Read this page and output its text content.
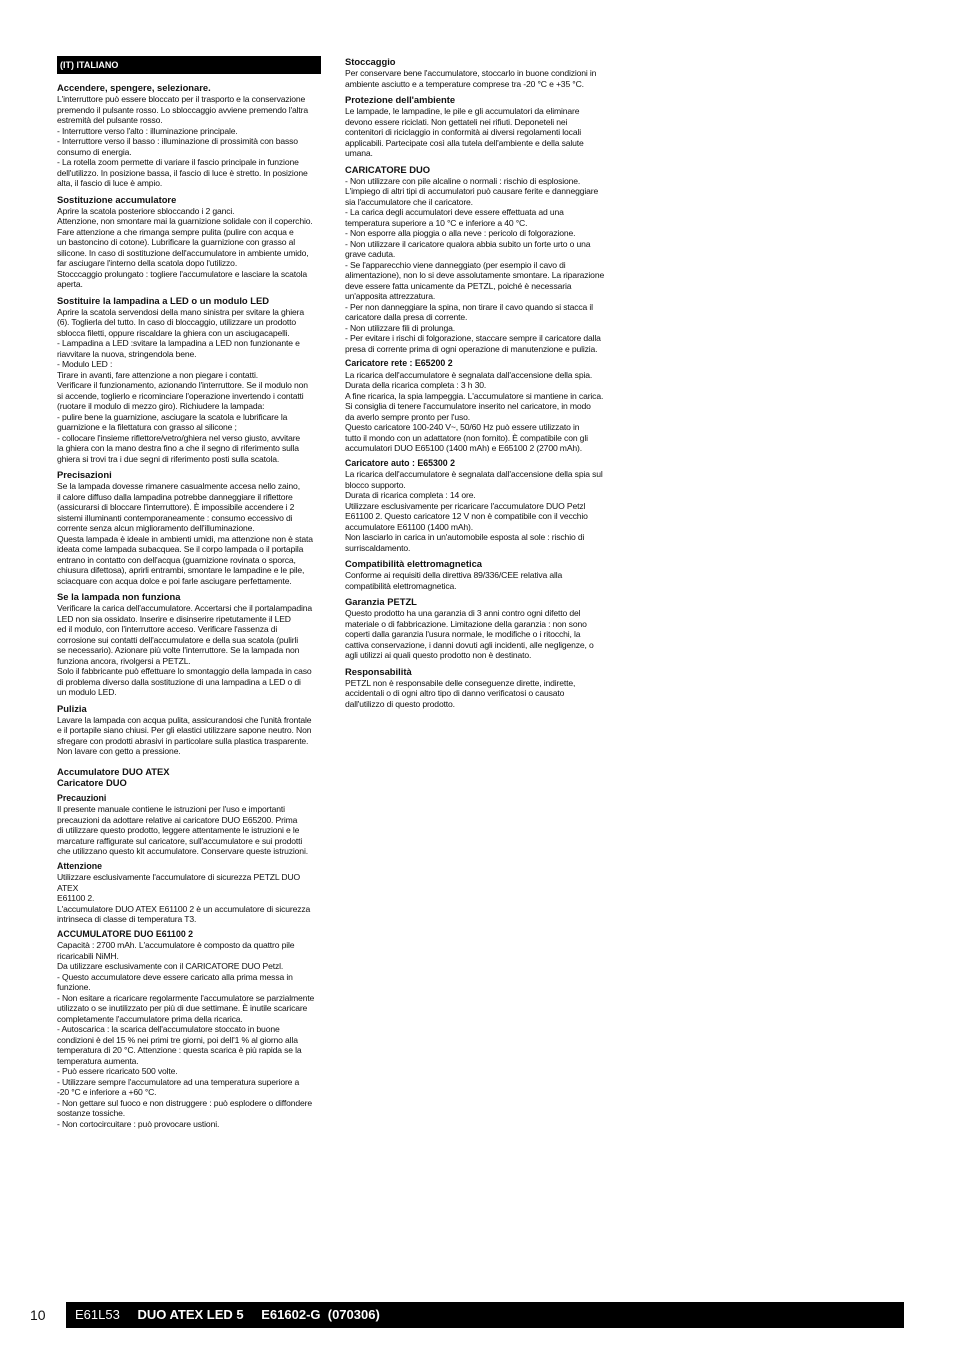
(IT) ITALIANO
Accendere, spengere, selezionare.

L'interruttore può essere bloccato per il trasporto e la conservazione
premendo il pulsante rosso. Lo sbloccaggio avviene premendo l'altra
estremità del pulsante rosso.
- Interruttore verso l'alto : illuminazione principale.
- Interruttore verso il basso : illuminazione di prossimità con basso
consumo di energia.
- La rotella zoom permette di variare il fascio principale in funzione
dell'utilizzo. In posizione bassa, il fascio di luce è stretto. In posizione
alta, il fascio di luce è ampio.

Sostituzione accumulatore

Aprire la scatola posteriore sbloccando i 2 ganci.
Attenzione, non smontare mai la guarnizione solidale con il coperchio.
Fare attenzione a che rimanga sempre pulita (pulire con acqua e
un bastoncino di cotone). Lubrificare la guarnizione con grasso al
silicone. In caso di sostituzione dell'accumulatore in ambiente umido,
far asciugare l'interno della scatola dopo l'utilizzo.
Stocccaggio prolungato : togliere l'accumulatore e lasciare la scatola
aperta.

Sostituire la lampadina a LED o un modulo LED

Aprire la scatola servendosi della mano sinistra per svitare la ghiera
(6). Toglierla del tutto. In caso di bloccaggio, utilizzare un prodotto
sblocca filetti, oppure riscaldare la ghiera con un asciugacapelli.
- Lampadina a LED :svitare la lampadina a LED non funzionante e
riavvitare la nuova, stringendola bene.
- Modulo LED :
Tirare in avanti, fare attenzione a non piegare i contatti.
Verificare il funzionamento, azionando l'interruttore. Se il modulo non
si accende, toglierlo e ricominciare l'operazione invertendo i contatti
(ruotare il modulo di mezzo giro). Richiudere la lampada:
- pulire bene la guarnizione, asciugare la scatola e lubrificare la
guarnizione e la filettatura con grasso al silicone ;
- collocare l'insieme riflettore/vetro/ghiera nel verso giusto, avvitare
la ghiera con la mano destra fino a che il segno di riferimento sulla
ghiera si trovi tra i due segni di riferimento posti sulla scatola.

Precisazioni

Se la lampada dovesse rimanere casualmente accesa nello zaino,
il calore diffuso dalla lampadina potrebbe danneggiare il riflettore
(assicurarsi di bloccare l'interruttore). È impossibile accendere i 2
sistemi illuminanti contemporaneamente : consumo eccessivo di
corrente senza alcun miglioramento dell'illuminazione.
Questa lampada è ideale in ambienti umidi, ma attenzione non è stata
ideata come lampada subacquea. Se il corpo lampada o il portapila
entrano in contatto con dell'acqua (guarnizione rovinata o sporca,
chiusura difettosa), aprirli entrambi, smontare le lampadine e le pile,
sciacquare con acqua dolce e poi farle asciugare perfettamente.

Se la lampada non funziona

Verificare la carica dell'accumulatore. Accertarsi che il portalampadina
LED non sia ossidato. Inserire e disinserire ripetutamente il LED
ed il modulo, con l'interruttore acceso. Verificare l'assenza di
corrosione sui contatti dell'accumulatore e della sua scatola (pulirli
se necessario). Azionare più volte l'interruttore. Se la lampada non
funziona ancora, rivolgersi a PETZL.
Solo il fabbricante può effettuare lo smontaggio della lampada in caso
di problema diverso dalla sostituzione di una lampadina a LED o di
un modulo LED.

Pulizia

Lavare la lampada con acqua pulita, assicurandosi che l'unità frontale
e il portapile siano chiusi. Per gli elastici utilizzare sapone neutro. Non
sfregare con prodotti abrasivi in particolare sulla plastica trasparente.
Non lavare con getto a pressione.

Accumulatore DUO ATEX
Caricatore DUO
Precauzioni

Il presente manuale contiene le istruzioni per l'uso e importanti
precauzioni da adottare relative ai caricatore DUO E65200. Prima
di utilizzare questo prodotto, leggere attentamente le istruzioni e le
marcature raffigurate sul caricatore, sull'accumulatore e sui prodotti
che utilizzano questo kit accumulatore. Conservare queste istruzioni.

Attenzione

Utilizzare esclusivamente l'accumulatore di sicurezza PETZL DUO ATEX
E61100 2.
L'accumulatore DUO ATEX E61100 2 è un accumulatore di sicurezza
intrinseca di classe di temperatura T3.

ACCUMULATORE DUO E61100 2

Capacità : 2700 mAh. L'accumulatore è composto da quattro pile
ricaricabili NiMH.
Da utilizzare esclusivamente con il CARICATORE DUO Petzl.
- Questo accumulatore deve essere caricato alla prima messa in
funzione.
- Non esitare a ricaricare regolarmente l'accumulatore se parzialmente
utilizzato o se inutilizzato per più di due settimane. È inutile scaricare
completamente l'accumulatore prima della ricarica.
- Autoscarica : la scarica dell'accumulatore stoccato in buone
condizioni è del 15 % nei primi tre giorni, poi dell'1 % al giorno alla
temperatura di 20 °C. Attenzione : questa scarica è più rapida se la
temperatura aumenta.
- Può essere ricaricato 500 volte.
- Utilizzare sempre l'accumulatore ad una temperatura superiore a
-20 °C e inferiore a +60 °C.
- Non gettare sul fuoco e non distruggere : può esplodere o diffondere
sostanze tossiche.
- Non cortocircuitare : può provocare ustioni.

Stoccaggio

Per conservare bene l'accumulatore, stoccarlo in buone condizioni in
ambiente asciutto e a temperature comprese tra -20 °C e +35 °C.

Protezione dell'ambiente

Le lampade, le lampadine, le pile e gli accumulatori da eliminare
devono essere riciclati. Non gettateli nei rifiuti. Deponeteli nei
contenitori di riciclaggio in conformità ai diversi regolamenti locali
applicabili. Partecipate così alla tutela dell'ambiente e della salute
umana.

CARICATORE DUO

- Non utilizzare con pile alcaline o normali : rischio di esplosione.
L'impiego di altri tipi di accumulatori può causare ferite e danneggiare
sia l'accumulatore che il caricatore.
- La carica degli accumulatori deve essere effettuata ad una
temperatura superiore a 10 °C e inferiore a 40 °C.
- Non esporre alla pioggia o alla neve : pericolo di folgorazione.
- Non utilizzare il caricatore qualora abbia subito un forte urto o una
grave caduta.
- Se l'apparecchio viene danneggiato (per esempio il cavo di
alimentazione), non lo si deve assolutamente smontare. La riparazione
deve essere fatta unicamente da PETZL, poiché è necessaria
un'apposita attrezzatura.
- Per non danneggiare la spina, non tirare il cavo quando si stacca il
caricatore dalla presa di corrente.
- Non utilizzare fili di prolunga.
- Per evitare i rischi di folgorazione, staccare sempre il caricatore dalla
presa di corrente prima di ogni operazione di manutenzione e pulizia.

Caricatore rete : E65200 2

La ricarica dell'accumulatore è segnalata dall'accensione della spia.
Durata della ricarica completa : 3 h 30.
A fine ricarica, la spia lampeggia. L'accumulatore si mantiene in carica.
Si consiglia di tenere l'accumulatore inserito nel caricatore, in modo
da averlo sempre pronto per l'uso.
Questo caricatore 100-240 V~, 50/60 Hz può essere utilizzato in
tutto il mondo con un adattatore (non fornito). È compatibile con gli
accumulatori DUO E65100 (1400 mAh) e E65100 2 (2700 mAh).

Caricatore auto : E65300 2

La ricarica dell'accumulatore è segnalata dall'accensione della spia sul
blocco supporto.
Durata di ricarica completa : 14 ore.
Utilizzare esclusivamente per ricaricare l'accumulatore DUO Petzl
E61100 2. Questo caricatore 12 V non è compatibile con il vecchio
accumulatore E61100 (1400 mAh).
Non lasciarlo in carica in un'automobile esposta al sole : rischio di
surriscaldamento.

Compatibilità elettromagnetica

Conforme ai requisiti della direttiva 89/336/CEE relativa alla
compatibilità elettromagnetica.

Garanzia PETZL

Questo prodotto ha una garanzia di 3 anni contro ogni difetto del
materiale o di fabbricazione. Limitazione della garanzia : non sono
coperti dalla garanzia l'usura normale, le modifiche o i ritocchi, la
cattiva conservazione, i danni dovuti agli incidenti, alle negligenze, o
agli utilizzi ai quali questo prodotto non è destinato.

Responsabilità

PETZL non è responsabile delle conseguenze dirette, indirette,
accidentali o di ogni altro tipo di danno verificatosi o causato
dall'utilizzo di questo prodotto.

10	E61L53 DUO ATEX LED 5 E61602-G  (070306)
